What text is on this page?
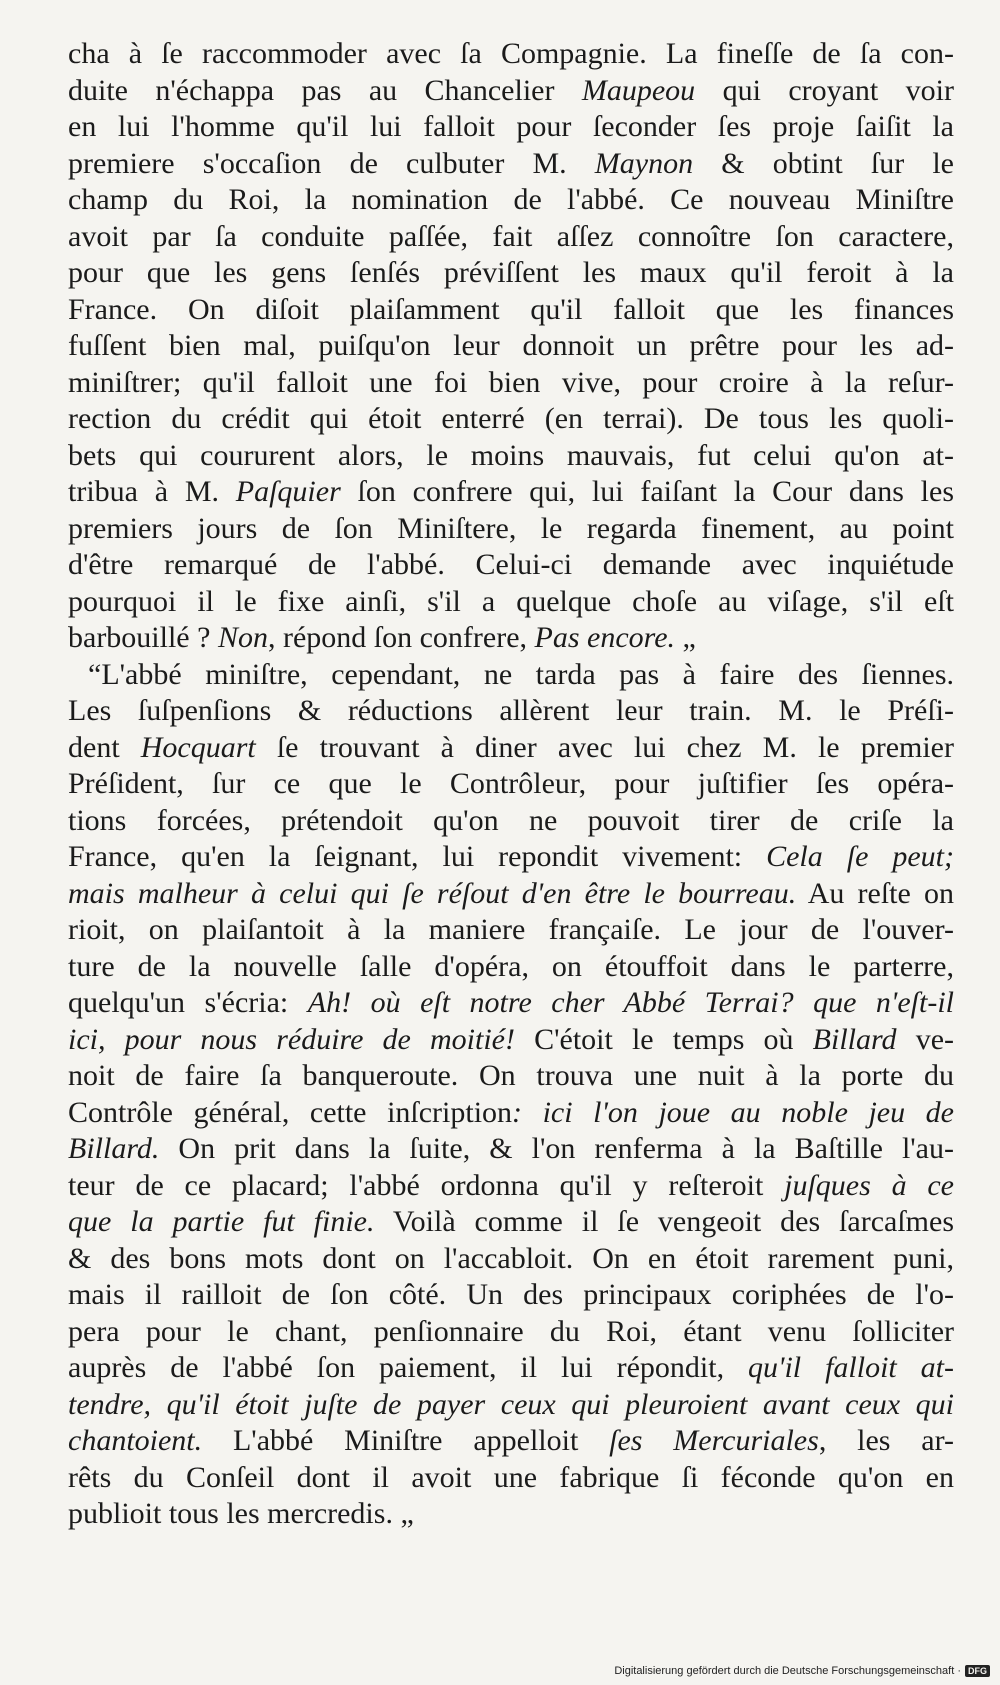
cha à ſe raccommoder avec ſa Compagnie. La fineſſe de ſa con-
duite n'échappa pas au Chancelier Maupeou qui croyant voir
en lui l'homme qu'il lui falloit pour ſeconder ſes proje ſaiſit la
premiere s'occaſion de culbuter M. Maynon & obtint ſur le
champ du Roi, la nomination de l'abbé. Ce nouveau Miniſtre
avoit par ſa conduite paſſée, fait aſſez connoître ſon caractere,
pour que les gens ſenſés préviſſent les maux qu'il feroit à la
France. On diſoit plaiſamment qu'il falloit que les finances
fuſſent bien mal, puiſqu'on leur donnoit un prêtre pour les ad-
miniſtrer; qu'il falloit une foi bien vive, pour croire à la reſur-
rection du crédit qui étoit enterré (en terrai). De tous les quoli-
bets qui coururent alors, le moins mauvais, fut celui qu'on at-
tribua à M. Paſquier ſon confrere qui, lui faiſant la Cour dans les
premiers jours de ſon Miniſtere, le regarda finement, au point
d'être remarqué de l'abbé. Celui-ci demande avec inquiétude
pourquoi il le fixe ainſi, s'il a quelque choſe au viſage, s'il eſt
barbouillé ? Non, répond ſon confrere, Pas encore. „
“L'abbé miniſtre, cependant, ne tarda pas à faire des ſiennes.
Les ſuſpenſions & réductions allèrent leur train. M. le Préſi-
dent Hocquart ſe trouvant à diner avec lui chez M. le premier
Préſident, ſur ce que le Contrôleur, pour juſtifier ſes opéra-
tions forcées, prétendoit qu'on ne pouvoit tirer de criſe la
France, qu'en la ſeignant, lui repondit vivement: Cela ſe peut;
mais malheur à celui qui ſe réſout d'en être le bourreau. Au reſte on
rioit, on plaiſantoit à la maniere françaiſe. Le jour de l'ouver-
ture de la nouvelle ſalle d'opéra, on étouffoit dans le parterre,
quelqu'un s'écria: Ah! où eſt notre cher Abbé Terrai? que n'eſt-il
ici, pour nous réduire de moitié! C'étoit le temps où Billard ve-
noit de faire ſa banqueroute. On trouva une nuit à la porte du
Contrôle général, cette inſcription: ici l'on joue au noble jeu de
Billard. On prit dans la ſuite, & l'on renferma à la Baſtille l'au-
teur de ce placard; l'abbé ordonna qu'il y reſteroit juſques à ce
que la partie fut finie. Voilà comme il ſe vengeoit des ſarcaſmes
& des bons mots dont on l'accabloit. On en étoit rarement puni,
mais il railloit de ſon côté. Un des principaux coriphées de l'o-
pera pour le chant, penſionnaire du Roi, étant venu ſolliciter
auprès de l'abbé ſon paiement, il lui répondit, qu'il falloit at-
tendre, qu'il étoit juſte de payer ceux qui pleuroient avant ceux qui
chantoient. L'abbé Miniſtre appelloit ſes Mercuriales, les ar-
rêts du Conſeil dont il avoit une fabrique ſi féconde qu'on en
publioit tous les mercredis. „
Digitalisierung gefördert durch die Deutsche Forschungsgemeinschaft · DFG
